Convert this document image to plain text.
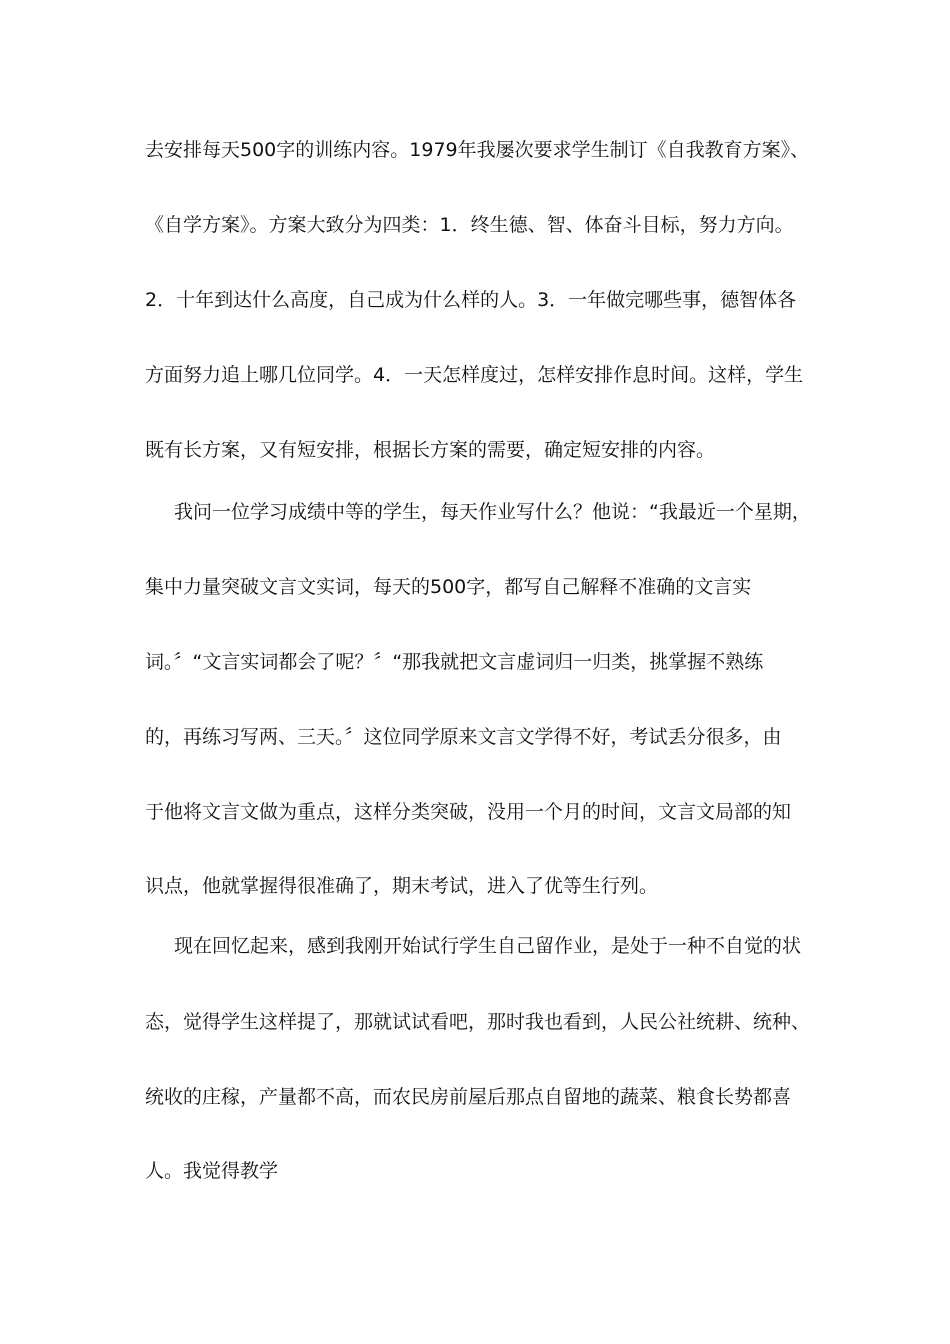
去安排每天500字的训练内容。1979年我屡次要求学生制订《自我教育方案》、
《自学方案》。方案大致分为四类：1．终生德、智、体奋斗目标，努力方向。
2．十年到达什么高度，自己成为什么样的人。3．一年做完哪些事，德智体各
方面努力追上哪几位同学。4．一天怎样度过，怎样安排作息时间。这样，学生
既有长方案，又有短安排，根据长方案的需要，确定短安排的内容。
我问一位学习成绩中等的学生，每天作业写什么？他说：“我最近一个星期，
集中力量突破文言文实词，每天的500字，都写自己解释不准确的文言实
词。〞“文言实词都会了呢？〞“那我就把文言虚词归一归类，挑掌握不熟练
的，再练习写两、三天。〞这位同学原来文言文学得不好，考试丢分很多，由
于他将文言文做为重点，这样分类突破，没用一个月的时间，文言文局部的知
识点，他就掌握得很准确了，期末考试，进入了优等生行列。
现在回忆起来，感到我刚开始试行学生自己留作业，是处于一种不自觉的状
态，觉得学生这样提了，那就试试看吧，那时我也看到，人民公社统耕、统种、
统收的庄稼，产量都不高，而农民房前屋后那点自留地的蔬菜、粮食长势都喜
人。我觉得教学
